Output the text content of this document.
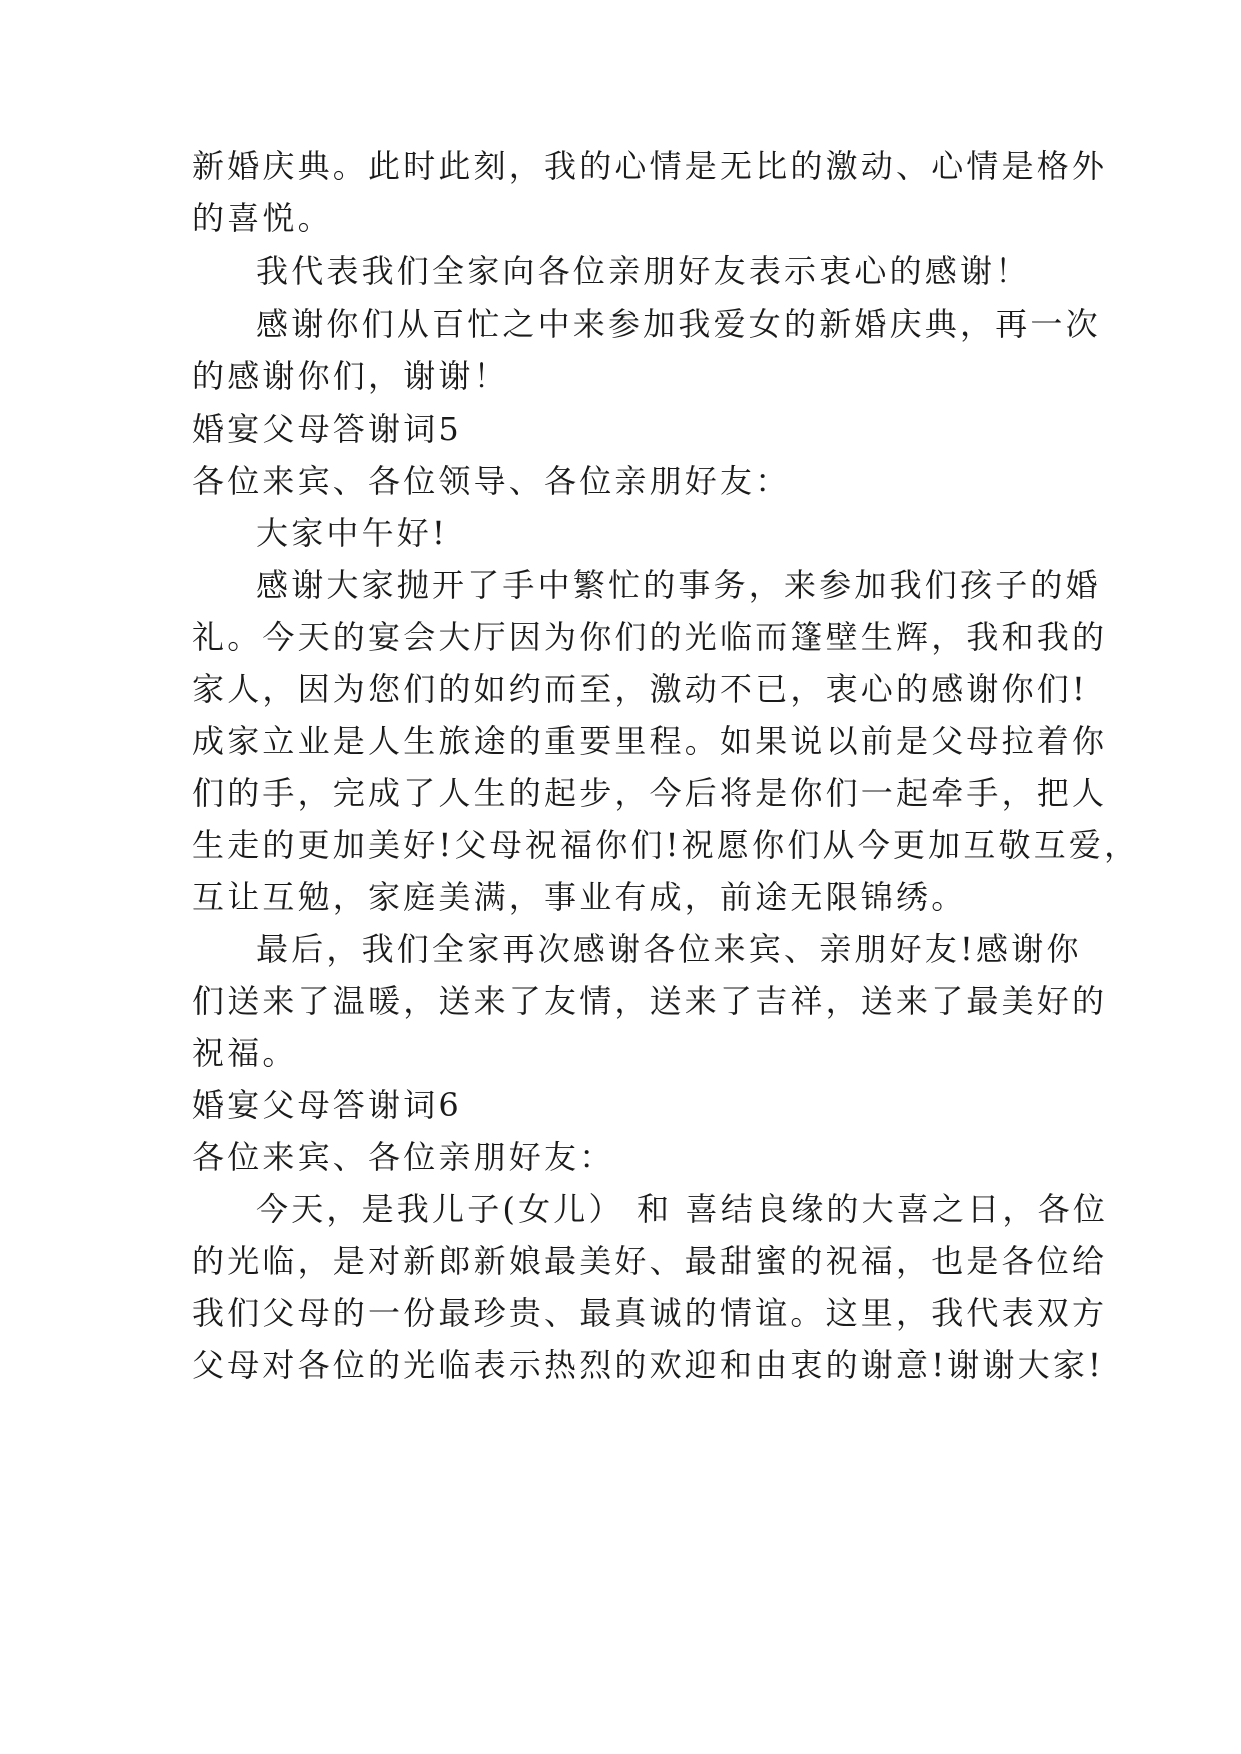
新婚庆典。此时此刻，我的心情是无比的激动、心情是格外
的喜悦。
我代表我们全家向各位亲朋好友表示衷心的感谢！
感谢你们从百忙之中来参加我爱女的新婚庆典，再一次
的感谢你们，谢谢！
婚宴父母答谢词5
各位来宾、各位领导、各位亲朋好友：
大家中午好!
感谢大家抛开了手中繁忙的事务，来参加我们孩子的婚
礼。今天的宴会大厅因为你们的光临而篷壁生辉，我和我的
家人，因为您们的如约而至，激动不已，衷心的感谢你们!
成家立业是人生旅途的重要里程。如果说以前是父母拉着你
们的手，完成了人生的起步，今后将是你们一起牵手，把人
生走的更加美好!父母祝福你们!祝愿你们从今更加互敬互爱，
互让互勉，家庭美满，事业有成，前途无限锦绣。
最后，我们全家再次感谢各位来宾、亲朋好友!感谢你
们送来了温暖，送来了友情，送来了吉祥，送来了最美好的
祝福。
婚宴父母答谢词6
各位来宾、各位亲朋好友：
今天，是我儿子(女儿） 和 喜结良缘的大喜之日，各位
的光临，是对新郎新娘最美好、最甜蜜的祝福，也是各位给
我们父母的一份最珍贵、最真诚的情谊。这里，我代表双方
父母对各位的光临表示热烈的欢迎和由衷的谢意!谢谢大家!
